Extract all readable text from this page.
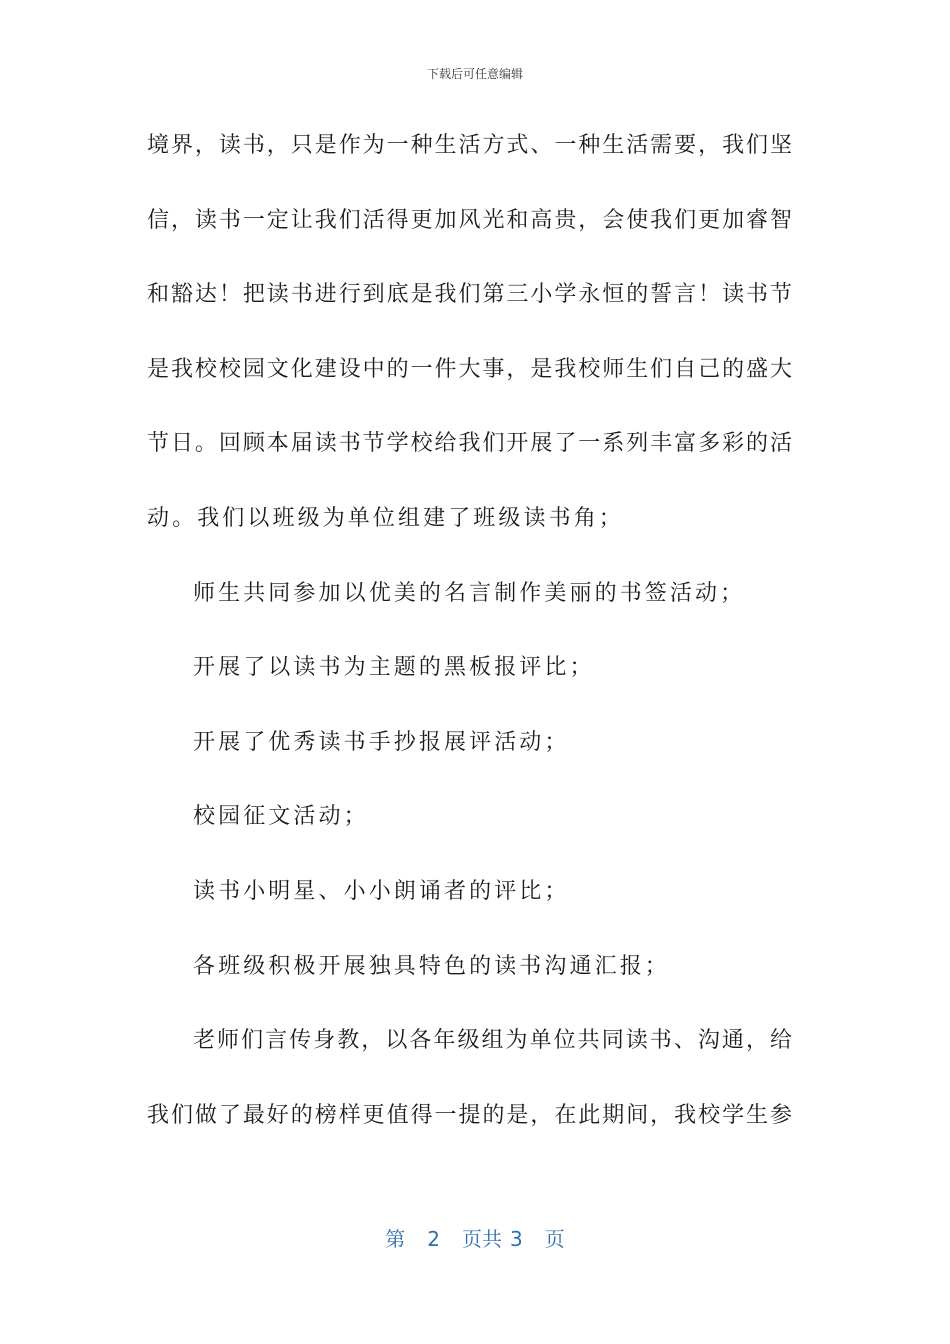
下载后可任意编辑
境界，读书，只是作为一种生活方式、一种生活需要，我们坚
信，读书一定让我们活得更加风光和高贵，会使我们更加睿智
和豁达！把读书进行到底是我们第三小学永恒的誓言！读书节
是我校校园文化建设中的一件大事，是我校师生们自己的盛大
节日。回顾本届读书节学校给我们开展了一系列丰富多彩的活
动。我们以班级为单位组建了班级读书角；
师生共同参加以优美的名言制作美丽的书签活动；
开展了以读书为主题的黑板报评比；
开展了优秀读书手抄报展评活动；
校园征文活动；
读书小明星、小小朗诵者的评比；
各班级积极开展独具特色的读书沟通汇报；
老师们言传身教，以各年级组为单位共同读书、沟通，给
我们做了最好的榜样更值得一提的是，在此期间，我校学生参
第 2 页共 3 页
